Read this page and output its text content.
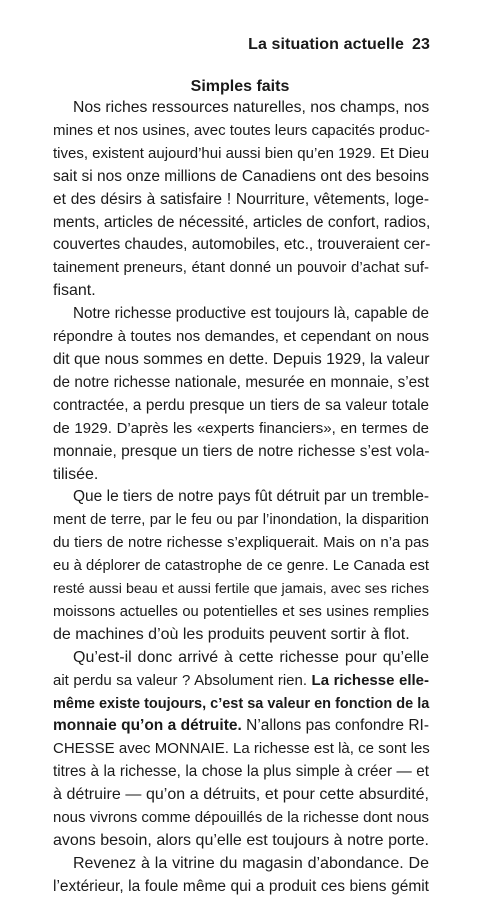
La situation actuelle 23
Simples faits
Nos riches ressources naturelles, nos champs, nos
mines et nos usines, avec toutes leurs capacités produc-
tives, existent aujourd’hui aussi bien qu’en 1929. Et Dieu
sait si nos onze millions de Canadiens ont des besoins
et des désirs à satisfaire ! Nourriture, vêtements, loge-
ments, articles de nécessité, articles de confort, radios,
couvertes chaudes, automobiles, etc., trouveraient cer-
tainement preneurs, étant donné un pouvoir d’achat suf-
fisant.
Notre richesse productive est toujours là, capable de
répondre à toutes nos demandes, et cependant on nous
dit que nous sommes en dette. Depuis 1929, la valeur
de notre richesse nationale, mesurée en monnaie, s’est
contractée, a perdu presque un tiers de sa valeur totale
de 1929. D’après les «experts financiers», en termes de
monnaie, presque un tiers de notre richesse s’est vola-
tilisée.
Que le tiers de notre pays fût détruit par un tremble-
ment de terre, par le feu ou par l’inondation, la disparition
du tiers de notre richesse s’expliquerait. Mais on n’a pas
eu à déplorer de catastrophe de ce genre. Le Canada est
resté aussi beau et aussi fertile que jamais, avec ses riches
moissons actuelles ou potentielles et ses usines remplies
de machines d’où les produits peuvent sortir à flot.
Qu’est-il donc arrivé à cette richesse pour qu’elle
ait perdu sa valeur ? Absolument rien. La richesse elle-
même existe toujours, c’est sa valeur en fonction de la
monnaie qu’on a détruite. N’allons pas confondre RI-
CHESSE avec MONNAIE. La richesse est là, ce sont les
titres à la richesse, la chose la plus simple à créer — et
à détruire — qu’on a détruits, et pour cette absurdité,
nous vivrons comme dépouillés de la richesse dont nous
avons besoin, alors qu’elle est toujours à notre porte.
Revenez à la vitrine du magasin d’abondance. De
l’extérieur, la foule même qui a produit ces biens gémit
